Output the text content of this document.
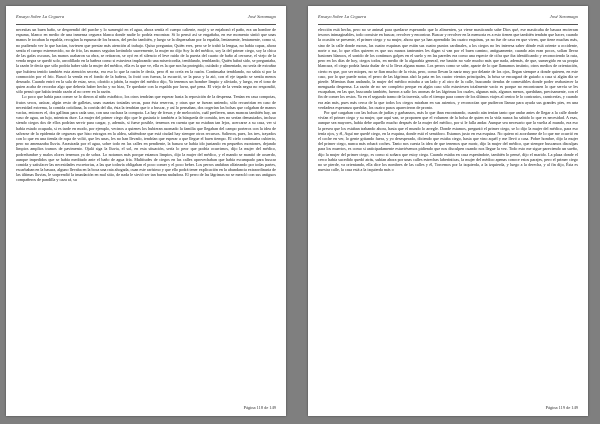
Ensayo Sobre La Ceguera	José Saramago

necesitas un buen baño, se desprendió del parche y lo sumergió en el agua, ahora sentía el cuerpo caliente, mojó y se enjabonó el paño, era un hombre de espuma, blanco en medio de una inmensa ceguera blanca donde nadie lo podría encontrar. Si lo pensó así se engañaba, en ese momento sintió que unas manos le tocaban la espalda, recogían la espuma de los brazos, del pecho también, y luego se la dispersaban por la espalda, lentamente, lentamente, como si, no pudiendo ver lo que hacían, tuviesen que prestar más atención al trabajo. Quiso preguntar, Quién eres, pero se le trabó la lengua, no había capaz, ahora sentía el cuerpo estremecido, no de frío, las manos seguían lavándolo suavemente, la mujer no dijo Soy la del médico, soy la del primer ciego, soy la chica de las gafas oscuras, las manos acabaron su obra, se retiraron, se oyó en el silencio el leve ruido de la puerta del cuarto de baño al cerrarse, el viejo de la venda negra se quedó solo, arrodillado en la bañera como si estuviera implorando una misericordia, temblando, temblando, Quién habrá sido, se preguntaba, la razón le decía que sólo podría haber sido la mujer del médico, ella es la que ve, ella es la que nos ha protegido, cuidado y alimentado, no sería de extrañar que hubiera tenido también esta atención secreta, era eso lo que la razón le decía, pero él no creía en la razón. Continuaba temblando, no sabía si por la conmoción por el frío. Buscó la venda en el fondo de la bañera, la frotó con fuerza, la escurrió, se la puso y la ató, con el eje tapado se sentía menos desnudo. Cuando entró en la sala de estar, seco, olorido a jabón, la mujer del médico dijo, Ya tenemos un hombre limpio y aliviado, y luego, en el tono de quien acaba de recordar algo que debería haber hecho y no hizo, Te quedaste con la espalda por lavar, qué pena. El viejo de la venda negra no respondió, sólo pensó que había tenido razón al no creer en la razón.

Lo poco que había para comer se lo dieron al niño estrábico, los otros tendrían que esperar hasta la reposición de la despensa. Tenían en casa compotas, frutos secos, azúcar, algún resto de galletas, unas cuantas tostadas secas, para ésta reservas, y otras que se fueran uniendo, sólo recurrirían en caso de necesidad extrema, la comida cotidiana, la corrida del día, ésta la tendrían que ir a buscar, y así lo pensaban, dos cogerían las bolsas que colgaban de manos vacías, entonces el, dos gallinas para cada uno, con una cuchara la compota. La hay de fresas y de melocotón, cuál prefieren, unas mancas también hay, un vaso de agua, un lujo, mientras dure. La mujer del primer ciego dijo que le gustaría ir también a la búsqueda de comida, tres no serían demasiados, incluso siendo ciegos dos de ellos podrían servir para cargar, y, además, si fuese posible, tenemos en cuenta que no estaban tan lejos, acercarse a su casa, ver si había estado ocupada, si es tarde en modo, por ejemplo, vecinos a quienes los hubieran asomado la familia que llegaban del campo porteros con la idea de salvarse de la epidemia de cegueras que hizo estragos en la aldea, sabiéndose que está ciudad hay siempre otros recursos. Salieron, pues, los tres, trayados con lo que en una tienda de ropa de volió, que les unas, les no han llevado, tendrían que esperar a que llegue el buen tiempo. El cielo continuaba cubierto, pero no amenazaba lluvia. Arrastrada por el agua, sobre todo en las calles en pendiente, la basura se había ido juntando en pequeños montones, dejando limpios amplios tramos de pavimento. Ojalá siga la lluvia, el sol, en esta situación, sería lo peor que podría ocurrirnos, dijo la mujer del médico, podredumbre y malos olores tenemos ya de sobra. Lo notamos más porque estamos limpios, dijo la mujer del médico, y el mando se mantió de acuerdo, aunque impedidos que se había meditado ante el baño de agua fría. Multitudes de ciegos en las calles aprovechaban que había escampado para buscar comida y satisfacer las necesidades excretorias, a las que todavía obligaban el poco comer y el poco beber. Los perros andaban olfateando por todas partes, escarbaban en la basura, alguno llevaba en la boca una rata ahogada, cuan este rarísimo y que ello podrá tener explicación en la abundancia extraordinaria de las últimas lluvias, le sorprendió la inundación en mal sitio, de nada le sirvió ser tan buena nadadora. El perro de las lágrimas no se mezcló con sus antiguos compañeros de pandilla y caza rá, su

Página 118 de 149
Ensayo Sobre La Ceguera	José Saramago

elección está hecha, pero no se animal para quedarse esperando que lo alimenten, ya viene masticando sabe Dios qué, ese masticaba de basura encierran tesoros inimaginables, todo consiste en buscar, revolver y encontrar. Buscar y revolver en la memoria es a esto tienen que también tendrán que hacer, cuando la ocasión se presente, el primer ciego y su mujer, ahora que ya han aprendido las cuatro esquinas, ya no fue de casa en que viven, que tiene muchas más, sino de la calle donde moras, las cuatro esquinas que están sus cuatro puntos cardinales, a los ciegos no les interesa saber dónde está oriente u occidente, norte o sur, lo que ellos quieren es que sus manos tanteantes les digan si van por el buen camino, antiguamente, cuando aún eran pocos, solían llevar bastones blancos, el sonido de los continuos golpes en el suelo y en las paredes era como una especie de cifra que iba identificando y reconociendo la ruta, pero en los días de hoy, ciegos todos, en medio de la algarabía general, ese bastón no vale mucho más que nada, además, de que, sumergido en su propia blancura, el ciego podría hasta dudar de si lo lleva alguna mano. Los perros como se sabe, aparte de lo que llamamos instinto, otros medios de orientación, cierto es que, por ser miopes, no se fían mucho de la vista, pero, como llevan la nariz muy por delante de los ojos, llegan siempre a donde quieren, en este caso, por lo que puede notar, el perro de las lágrimas alzó la pata en los cuatro vientos principales, la brisa se encargará de guiarlo a casa si algún día se pierde. Mientras iban andando, la mujer del médico miraba a un lado y al otro de la calle, buscando tiendas de comestibles donde poder reabastecer la menguada despensa. La razón de no ser completo perque en algún caso sólo estuviesen totalmente vacío es porque no encontrasen lo que servía se les escapaban, en las que, buscando también, fueron a salir los aromas de las lágrimas los cuales, algunas más, algunos menos, quedaban, precisamente, con el fin de comer los restos. Ya en el segundo tramo de la travesía, sólo el tiempo para comer de los últimos viajes al centro le lo contrarios, carnicerías, y cuando era aún más, pues más cerca de la que todos los ciegos miraban en sus asientos, y reconocían que pudieron llamar para ayuda sus grandes pies, en una verdadera esperanza quedaba, los cuatro pasos aparecieron de pronto.

Por qué cargaban con las bolsas de judías y garbanzos, más lo que iban encontrando, cuando aún tenían tanto que andar antes de llegar a la calle donde vivían el primer ciego y su mujer, que aquí van, se proponen que el volumen de la bolsa de quien en la vida nunca ha sabido lo que es necesidad. A esas, aunque sea mayores, había debe aquello mucho después de la mujer del médico, por si le falla andar. Aunque sea necesario que la vuelta al mundo, era eso la presea que los estaban trabando ahora, hasta que el mundo lo arregle. Donde estamos, preguntó el primer ciego, se lo dijo la mujer del médico, para eso tenía ojos, y él, Aquí me quedé ciego, en la esquina, donde está el semáforo. Estamos justo en esa esquina. No quiero ni acordarme de lo que me ocurrió en el coche en ver, lo gente gritando fuera, y yo desesperado, diciendo que estaba ciego, hasta que vino aquél y me llevó a casa. Pobre hombre, dijo la mujer del primer ciego, nunca más robará coches. Tanto nos cuesta la idea de que tenemos que morir, dijo la mujer del médico, que siempre buscamos disculpas para los muertos, es como si anticipadamente estuviésemos pidiendo que nos disculpen cuando nos llegue la vez. Todo esto me sigue pareciendo un sueño, dijo la mujer del primer ciego, es como si soñara que estoy ciega. Cuando estaba en casa esperándote, también lo pensé, dijo el marido. La plaza donde el cerco había sucedido quedó atrás, subían ahora por unas calles estrechas laberínticas, la mujer del médico apenas conoce estos parajes, pero el primer ciego no se pierde, va orientando, ella dice los nombres de las calles y él, Torcemos por la izquierda, a la izquierda, y luego a la derecha, y al fin dijo, Ésta es nuestra calle, la casa está a la izquierda más o

Página 119 de 149
